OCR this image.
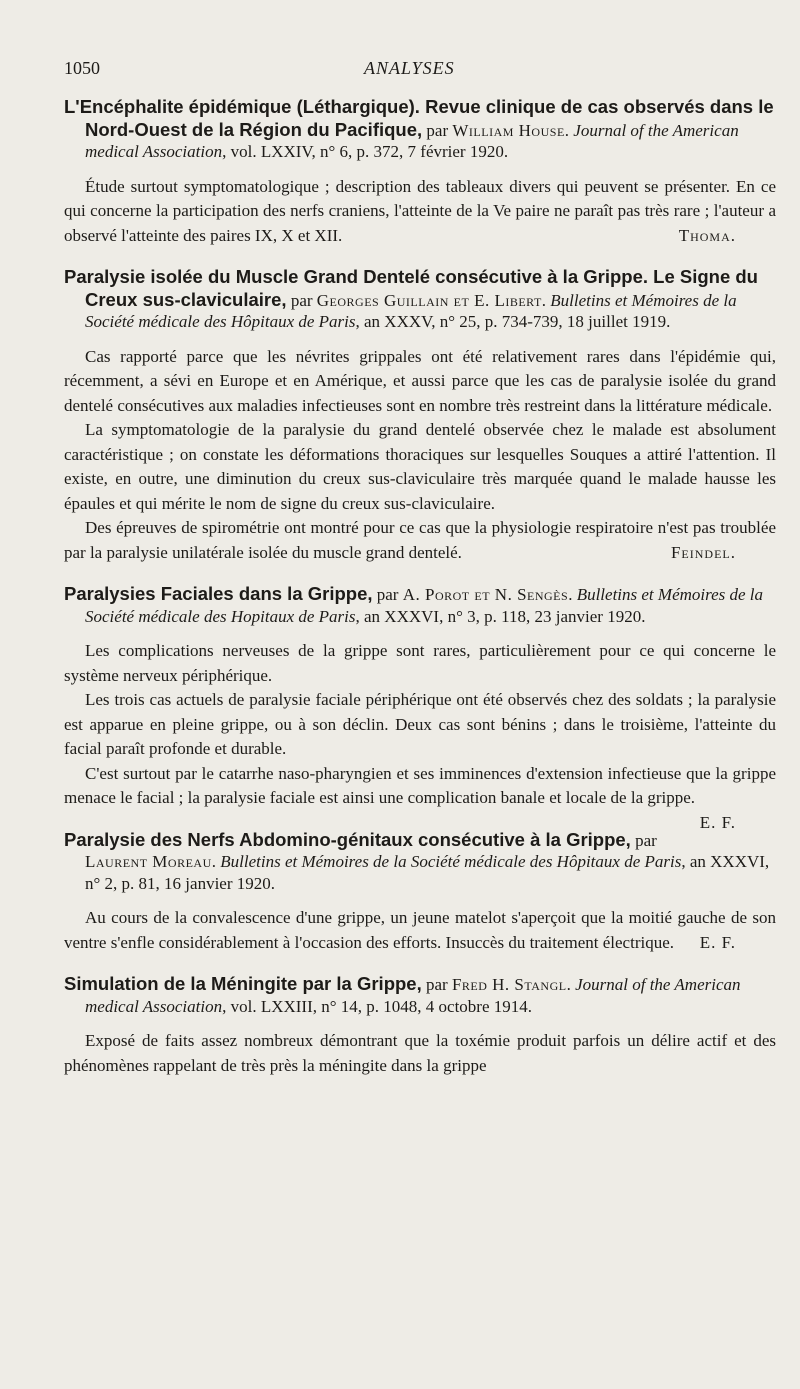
1050	ANALYSES
L'Encéphalite épidémique (Léthargique). Revue clinique de cas observés dans le Nord-Ouest de la Région du Pacifique, par William House. Journal of the American medical Association, vol. LXXIV, n° 6, p. 372, 7 février 1920.

Étude surtout symptomatologique ; description des tableaux divers qui peuvent se présenter. En ce qui concerne la participation des nerfs craniens, l'atteinte de la Ve paire ne paraît pas très rare ; l'auteur a observé l'atteinte des paires IX, X et XII.	Thoma.

Paralysie isolée du Muscle Grand Dentelé consécutive à la Grippe. Le Signe du Creux sus-claviculaire, par Georges Guillain et E. Libert. Bulletins et Mémoires de la Société médicale des Hôpitaux de Paris, an XXXV, n° 25, p. 734-739, 18 juillet 1919.

Cas rapporté parce que les névrites grippales ont été relativement rares dans l'épidémie qui, récemment, a sévi en Europe et en Amérique, et aussi parce que les cas de paralysie isolée du grand dentelé consécutives aux maladies infectieuses sont en nombre très restreint dans la littérature médicale.

La symptomatologie de la paralysie du grand dentelé observée chez le malade est absolument caractéristique ; on constate les déformations thoraciques sur lesquelles Souques a attiré l'attention. Il existe, en outre, une diminution du creux sus-claviculaire très marquée quand le malade hausse les épaules et qui mérite le nom de signe du creux sus-claviculaire.

Des épreuves de spirométrie ont montré pour ce cas que la physiologie respiratoire n'est pas troublée par la paralysie unilatérale isolée du muscle grand dentelé.	Feindel.

Paralysies Faciales dans la Grippe, par A. Porot et N. Sengès. Bulletins et Mémoires de la Société médicale des Hopitaux de Paris, an XXXVI, n° 3, p. 118, 23 janvier 1920.

Les complications nerveuses de la grippe sont rares, particulièrement pour ce qui concerne le système nerveux périphérique.

Les trois cas actuels de paralysie faciale périphérique ont été observés chez des soldats ; la paralysie est apparue en pleine grippe, ou à son déclin. Deux cas sont bénins ; dans le troisième, l'atteinte du facial paraît profonde et durable.

C'est surtout par le catarrhe naso-pharyngien et ses imminences d'extension infectieuse que la grippe menace le facial ; la paralysie faciale est ainsi une complication banale et locale de la grippe.
E. F.

Paralysie des Nerfs Abdomino-génitaux consécutive à la Grippe, par Laurent Moreau. Bulletins et Mémoires de la Société médicale des Hôpitaux de Paris, an XXXVI, n° 2, p. 81, 16 janvier 1920.

Au cours de la convalescence d'une grippe, un jeune matelot s'aperçoit que la moitié gauche de son ventre s'enfle considérablement à l'occasion des efforts. Insuccès du traitement électrique.	E. F.

Simulation de la Méningite par la Grippe, par Fred H. Stangl. Journal of the American medical Association, vol. LXXIII, n° 14, p. 1048, 4 octobre 1914.

Exposé de faits assez nombreux démontrant que la toxémie produit parfois un délire actif et des phénomènes rappelant de très près la méningite dans la grippe
